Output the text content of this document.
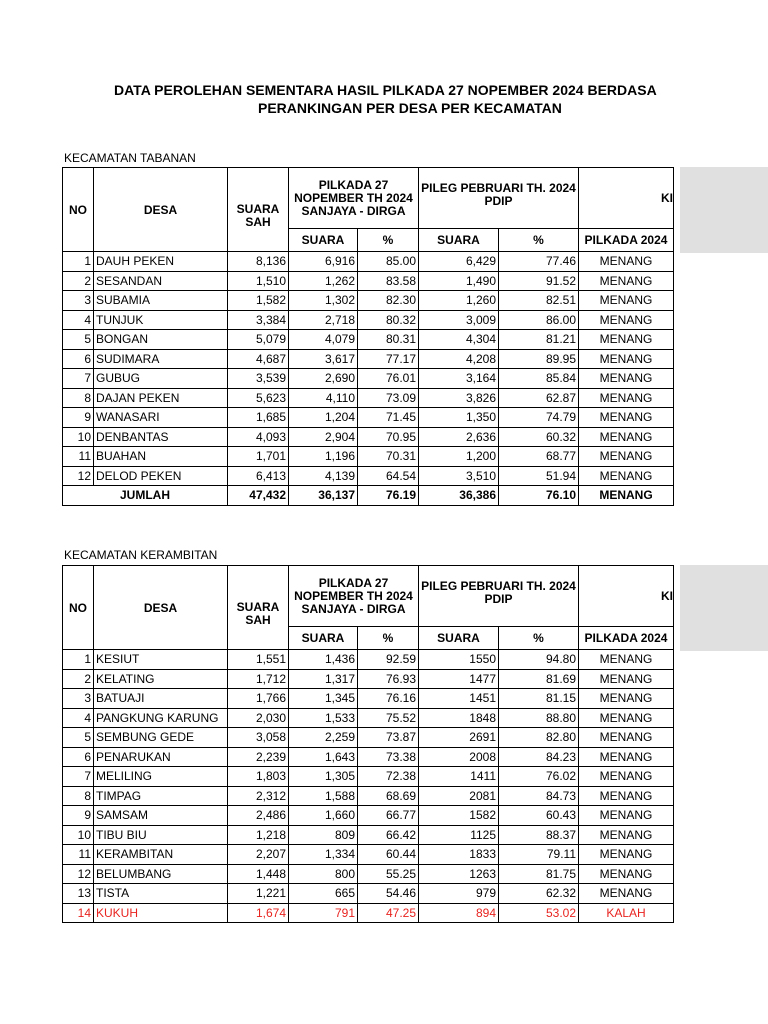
DATA PEROLEHAN SEMENTARA HASIL PILKADA 27 NOPEMBER 2024 BERDASA
PERANKINGAN PER DESA PER KECAMATAN
KECAMATAN TABANAN
NO	DESA	SUARA SAH	PILKADA 27 NOPEMBER TH 2024 SANJAYA - DIRGA		PILEG PEBRUARI TH. 2024 PDIP		KI
			SUARA	%	SUARA	%	PILKADA 2024
1	DAUH PEKEN	8,136	6,916	85.00	6,429	77.46	MENANG
2	SESANDAN	1,510	1,262	83.58	1,490	91.52	MENANG
3	SUBAMIA	1,582	1,302	82.30	1,260	82.51	MENANG
4	TUNJUK	3,384	2,718	80.32	3,009	86.00	MENANG
5	BONGAN	5,079	4,079	80.31	4,304	81.21	MENANG
6	SUDIMARA	4,687	3,617	77.17	4,208	89.95	MENANG
7	GUBUG	3,539	2,690	76.01	3,164	85.84	MENANG
8	DAJAN PEKEN	5,623	4,110	73.09	3,826	62.87	MENANG
9	WANASARI	1,685	1,204	71.45	1,350	74.79	MENANG
10	DENBANTAS	4,093	2,904	70.95	2,636	60.32	MENANG
11	BUAHAN	1,701	1,196	70.31	1,200	68.77	MENANG
12	DELOD PEKEN	6,413	4,139	64.54	3,510	51.94	MENANG
JUMLAH		47,432	36,137	76.19	36,386	76.10	MENANG
KECAMATAN KERAMBITAN
NO	DESA	SUARA SAH	PILKADA 27 NOPEMBER TH 2024 SANJAYA - DIRGA		PILEG PEBRUARI TH. 2024 PDIP		KI
			SUARA	%	SUARA	%	PILKADA 2024
1	KESIUT	1,551	1,436	92.59	1550	94.80	MENANG
2	KELATING	1,712	1,317	76.93	1477	81.69	MENANG
3	BATUAJI	1,766	1,345	76.16	1451	81.15	MENANG
4	PANGKUNG KARUNG	2,030	1,533	75.52	1848	88.80	MENANG
5	SEMBUNG GEDE	3,058	2,259	73.87	2691	82.80	MENANG
6	PENARUKAN	2,239	1,643	73.38	2008	84.23	MENANG
7	MELILING	1,803	1,305	72.38	1411	76.02	MENANG
8	TIMPAG	2,312	1,588	68.69	2081	84.73	MENANG
9	SAMSAM	2,486	1,660	66.77	1582	60.43	MENANG
10	TIBU BIU	1,218	809	66.42	1125	88.37	MENANG
11	KERAMBITAN	2,207	1,334	60.44	1833	79.11	MENANG
12	BELUMBANG	1,448	800	55.25	1263	81.75	MENANG
13	TISTA	1,221	665	54.46	979	62.32	MENANG
14	KUKUH	1,674	791	47.25	894	53.02	KALAH
